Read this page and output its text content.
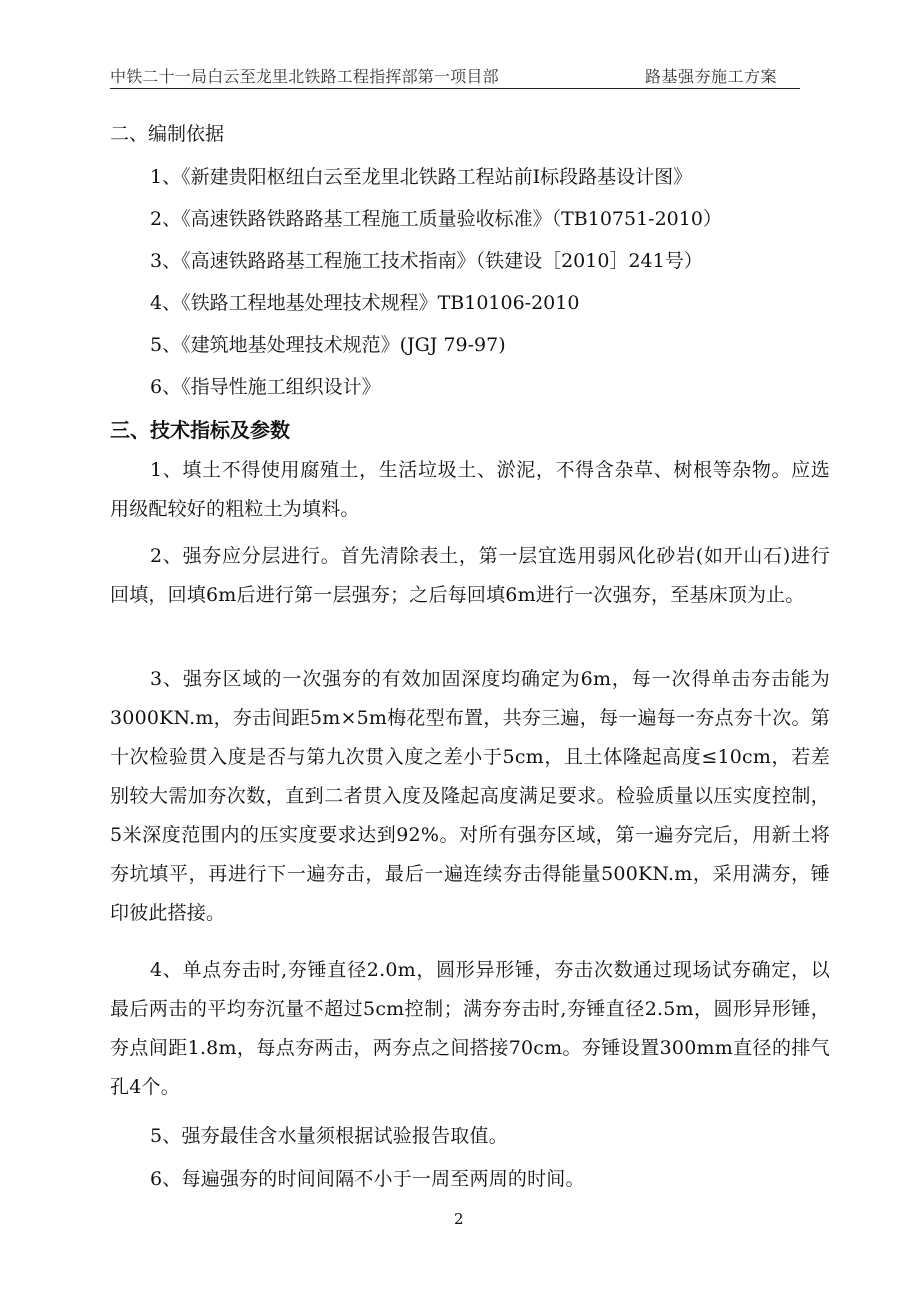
中铁二十一局白云至龙里北铁路工程指挥部第一项目部	路基强夯施工方案
二、编制依据
1、《新建贵阳枢纽白云至龙里北铁路工程站前Ⅰ标段路基设计图》
2、《高速铁路铁路路基工程施工质量验收标准》（TB10751-2010）
3、《高速铁路路基工程施工技术指南》（铁建设［2010］241号）
4、《铁路工程地基处理技术规程》TB10106-2010
5、《建筑地基处理技术规范》(JGJ 79-97)
6、《指导性施工组织设计》
三、技术指标及参数
1、填土不得使用腐殖土，生活垃圾土、淤泥，不得含杂草、树根等杂物。应选用级配较好的粗粒土为填料。
2、强夯应分层进行。首先清除表土，第一层宜选用弱风化砂岩(如开山石)进行回填，回填6m后进行第一层强夯；之后每回填6m进行一次强夯，至基床顶为止。
3、强夯区域的一次强夯的有效加固深度均确定为6m，每一次得单击夯击能为3000KN.m，夯击间距5m×5m梅花型布置，共夯三遍，每一遍每一夯点夯十次。第十次检验贯入度是否与第九次贯入度之差小于5cm，且土体隆起高度≤10cm，若差别较大需加夯次数，直到二者贯入度及隆起高度满足要求。检验质量以压实度控制，5米深度范围内的压实度要求达到92%。对所有强夯区域，第一遍夯完后，用新土将夯坑填平，再进行下一遍夯击，最后一遍连续夯击得能量500KN.m，采用满夯，锤印彼此搭接。
4、单点夯击时,夯锤直径2.0m，圆形异形锤，夯击次数通过现场试夯确定，以最后两击的平均夯沉量不超过5cm控制；满夯夯击时,夯锤直径2.5m，圆形异形锤，夯点间距1.8m，每点夯两击，两夯点之间搭接70cm。夯锤设置300mm直径的排气孔4个。
5、强夯最佳含水量须根据试验报告取值。
6、每遍强夯的时间间隔不小于一周至两周的时间。
2
